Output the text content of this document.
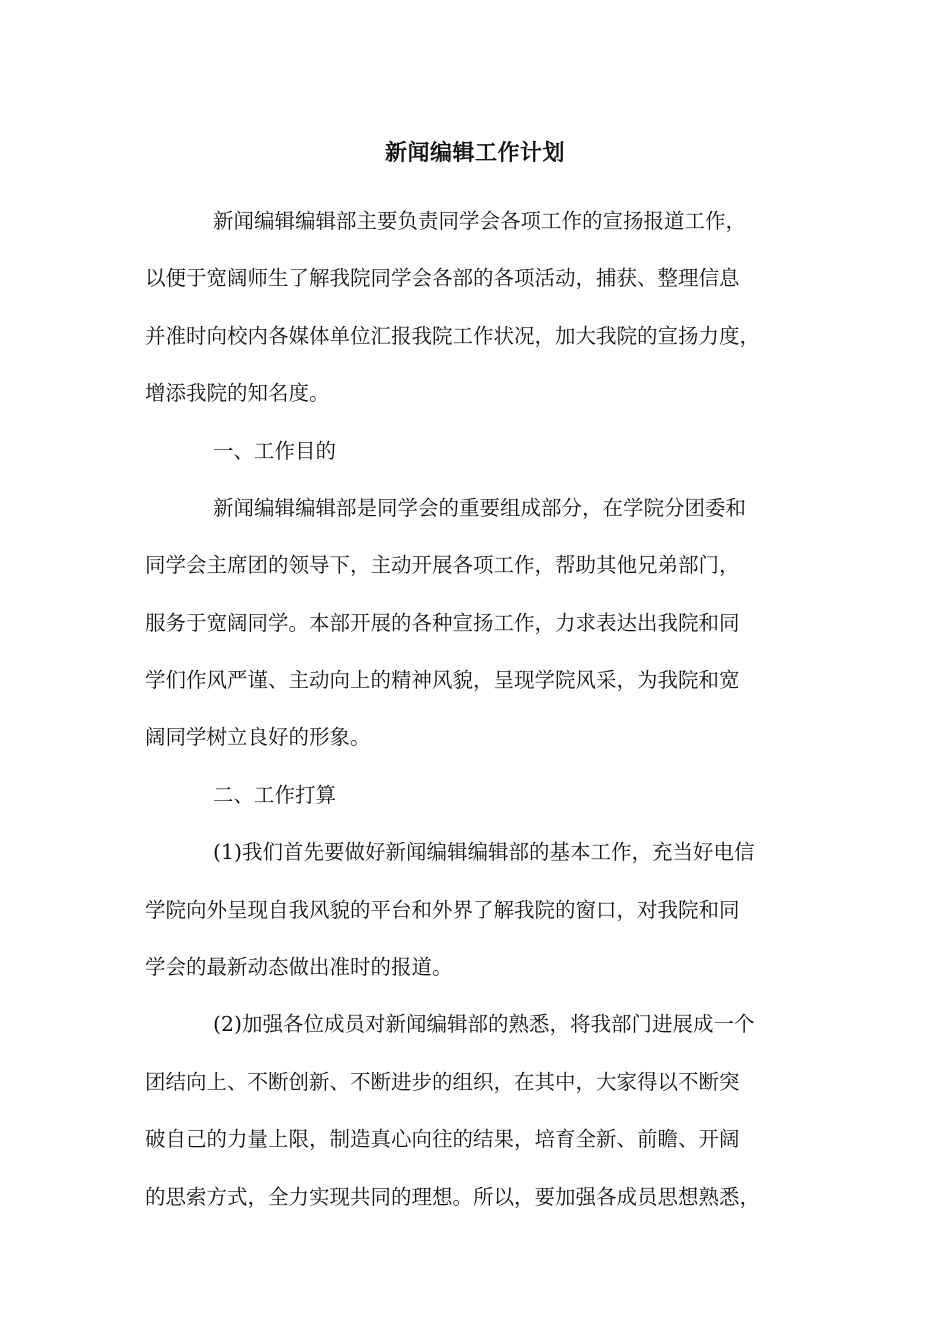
新闻编辑工作计划
新闻编辑编辑部主要负责同学会各项工作的宣扬报道工作，
以便于宽阔师生了解我院同学会各部的各项活动，捕获、整理信息
并准时向校内各媒体单位汇报我院工作状况，加大我院的宣扬力度，
增添我院的知名度。
一、工作目的
新闻编辑编辑部是同学会的重要组成部分，在学院分团委和
同学会主席团的领导下，主动开展各项工作，帮助其他兄弟部门，
服务于宽阔同学。本部开展的各种宣扬工作，力求表达出我院和同
学们作风严谨、主动向上的精神风貌，呈现学院风采，为我院和宽
阔同学树立良好的形象。
二、工作打算
(1)我们首先要做好新闻编辑编辑部的基本工作，充当好电信
学院向外呈现自我风貌的平台和外界了解我院的窗口，对我院和同
学会的最新动态做出准时的报道。
(2)加强各位成员对新闻编辑部的熟悉，将我部门进展成一个
团结向上、不断创新、不断进步的组织，在其中，大家得以不断突
破自己的力量上限，制造真心向往的结果，培育全新、前瞻、开阔
的思索方式，全力实现共同的理想。所以，要加强各成员思想熟悉，
